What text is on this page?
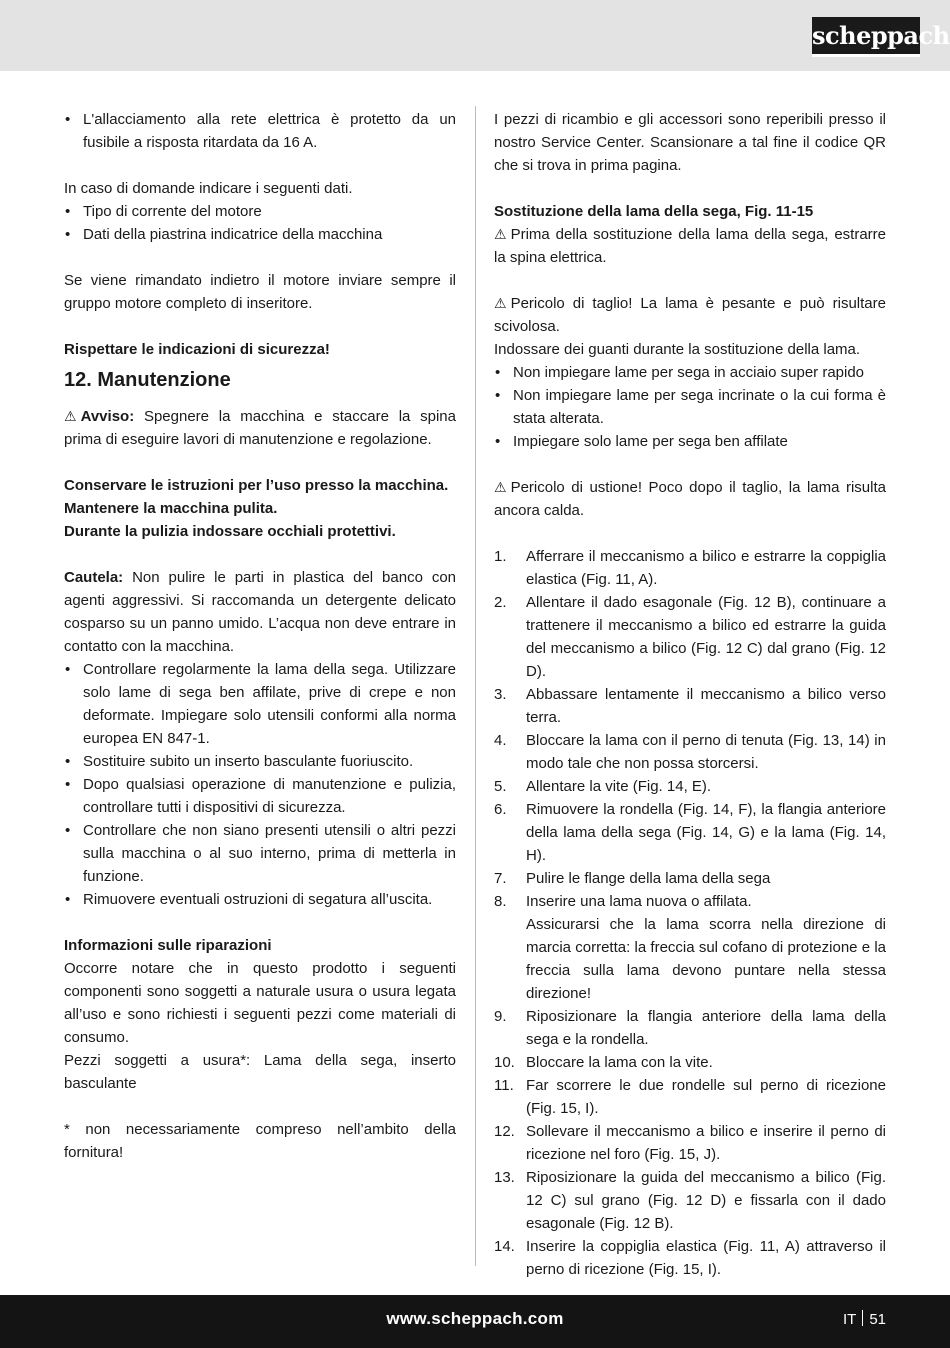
scheppach
• L'allacciamento alla rete elettrica è protetto da un fusibile a risposta ritardata da 16 A.

In caso di domande indicare i seguenti dati.

• Tipo di corrente del motore
• Dati della piastrina indicatrice della macchina

Se viene rimandato indietro il motore inviare sempre il gruppo motore completo di inseritore.

Rispettare le indicazioni di sicurezza!

12. Manutenzione

⚠ Avviso: Spegnere la macchina e staccare la spina prima di eseguire lavori di manutenzione e regolazione.

Conservare le istruzioni per l’uso presso la macchina.

Mantenere la macchina pulita.

Durante la pulizia indossare occhiali protettivi.

Cautela: Non pulire le parti in plastica del banco con agenti aggressivi. Si raccomanda un detergente delicato cosparso su un panno umido. L’acqua non deve entrare in contatto con la macchina.

• Controllare regolarmente la lama della sega. Utilizzare solo lame di sega ben affilate, prive di crepe e non deformate. Impiegare solo utensili conformi alla norma europea EN 847-1.
• Sostituire subito un inserto basculante fuoriuscito.
• Dopo qualsiasi operazione di manutenzione e pulizia, controllare tutti i dispositivi di sicurezza.
• Controllare che non siano presenti utensili o altri pezzi sulla macchina o al suo interno, prima di metterla in funzione.
• Rimuovere eventuali ostruzioni di segatura all’uscita.

Informazioni sulle riparazioni

Occorre notare che in questo prodotto i seguenti componenti sono soggetti a naturale usura o usura legata all’uso e sono richiesti i seguenti pezzi come materiali di consumo.

Pezzi soggetti a usura*: Lama della sega, inserto basculante

* non necessariamente compreso nell’ambito della fornitura!

I pezzi di ricambio e gli accessori sono reperibili presso il nostro Service Center. Scansionare a tal fine il codice QR che si trova in prima pagina.

Sostituzione della lama della sega, Fig. 11-15

⚠ Prima della sostituzione della lama della sega, estrarre la spina elettrica.

⚠ Pericolo di taglio! La lama è pesante e può risultare scivolosa.

Indossare dei guanti durante la sostituzione della lama.

• Non impiegare lame per sega in acciaio super rapido
• Non impiegare lame per sega incrinate o la cui forma è stata alterata.
• Impiegare solo lame per sega ben affilate

⚠ Pericolo di ustione! Poco dopo il taglio, la lama risulta ancora calda.

1. Afferrare il meccanismo a bilico e estrarre la coppiglia elastica (Fig. 11, A).
2. Allentare il dado esagonale (Fig. 12 B), continuare a trattenere il meccanismo a bilico ed estrarre la guida del meccanismo a bilico (Fig. 12 C) dal grano (Fig. 12 D).
3. Abbassare lentamente il meccanismo a bilico verso terra.
4. Bloccare la lama con il perno di tenuta (Fig. 13, 14) in modo tale che non possa storcersi.
5. Allentare la vite (Fig. 14, E).
6. Rimuovere la rondella (Fig. 14, F), la flangia anteriore della lama della sega (Fig. 14, G) e la lama (Fig. 14, H).
7. Pulire le flange della lama della sega
8. Inserire una lama nuova o affilata.
Assicurarsi che la lama scorra nella direzione di marcia corretta: la freccia sul cofano di protezione e la freccia sulla lama devono puntare nella stessa direzione!
9. Riposizionare la flangia anteriore della lama della sega e la rondella.
10. Bloccare la lama con la vite.
11. Far scorrere le due rondelle sul perno di ricezione (Fig. 15, I).
12. Sollevare il meccanismo a bilico e inserire il perno di ricezione nel foro (Fig. 15, J).
13. Riposizionare la guida del meccanismo a bilico (Fig. 12 C) sul grano (Fig. 12 D) e fissarla con il dado esagonale (Fig. 12 B).
14. Inserire la coppiglia elastica (Fig. 11, A) attraverso il perno di ricezione (Fig. 15, I).
www.scheppach.com	IT 51
